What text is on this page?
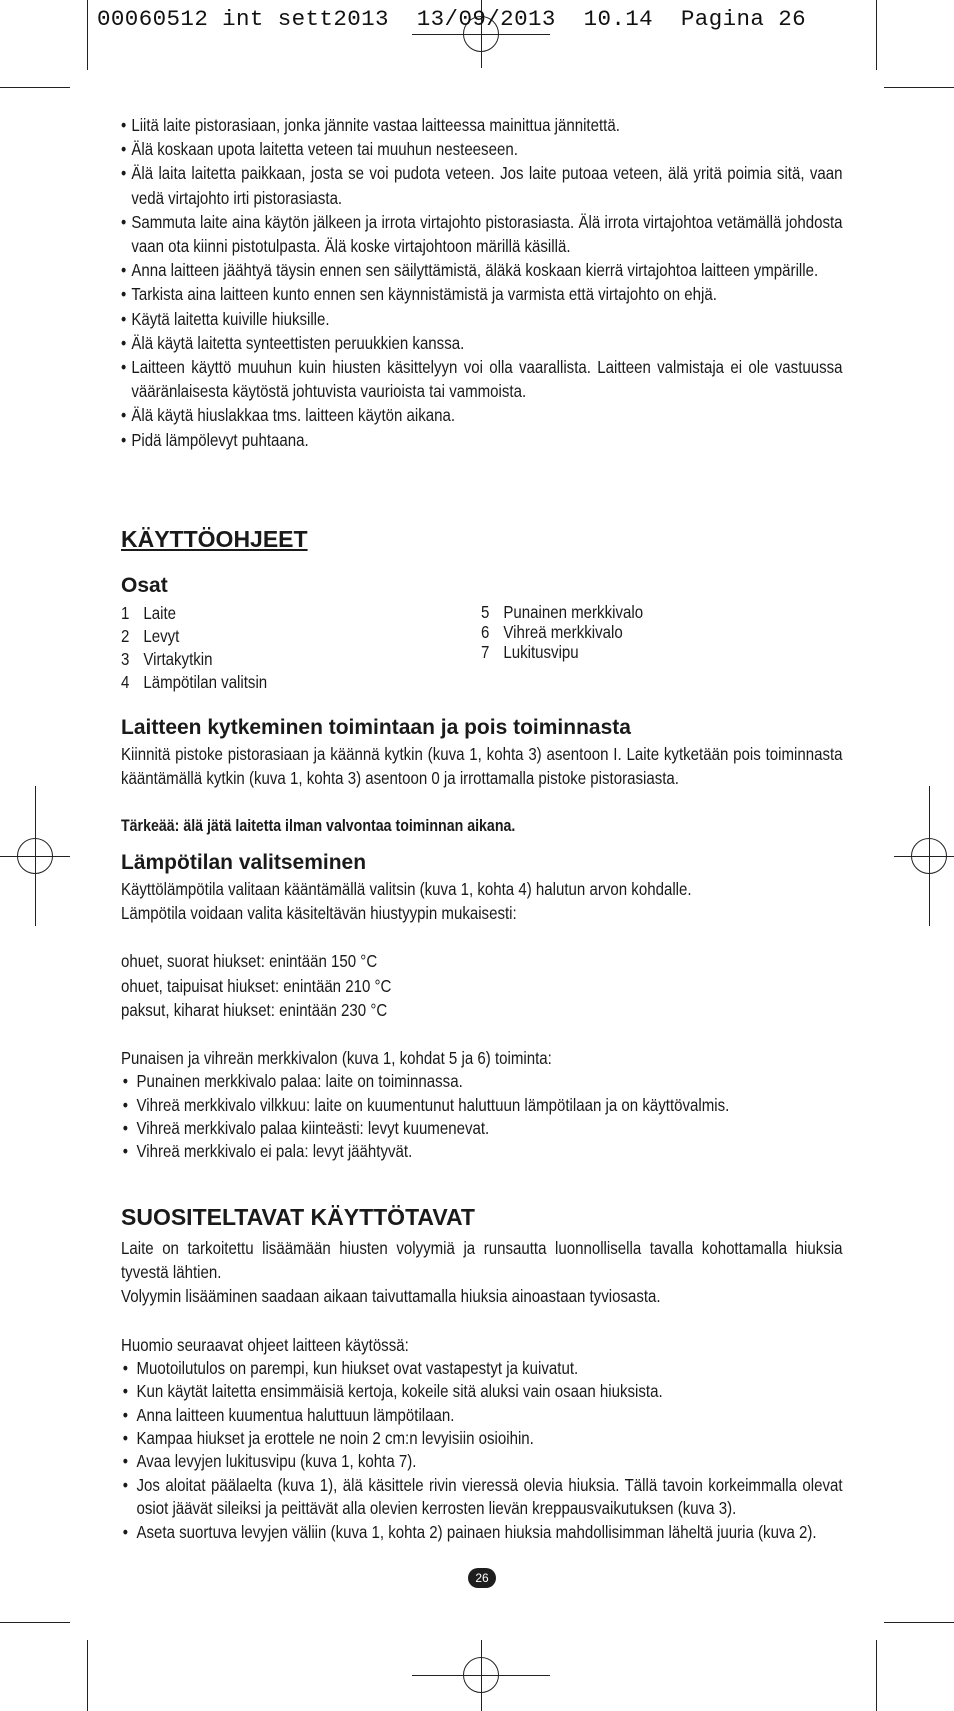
00060512 int sett2013  13/09/2013  10.14  Pagina 26
• Liitä laite pistorasiaan, jonka jännite vastaa laitteessa mainittua jännitettä.
• Älä koskaan upota laitetta veteen tai muuhun nesteeseen.
• Älä laita laitetta paikkaan, josta se voi pudota veteen. Jos laite putoaa veteen, älä yritä poimia sitä, vaan vedä virtajohto irti pistorasiasta.
• Sammuta laite aina käytön jälkeen ja irrota virtajohto pistorasiasta. Älä irrota virtajohtoa vetämällä johdosta vaan ota kiinni pistotulpasta. Älä koske virtajohtoon märillä käsillä.
• Anna laitteen jäähtyä täysin ennen sen säilyttämistä, äläkä koskaan kierrä virtajohtoa laitteen ympärille.
• Tarkista aina laitteen kunto ennen sen käynnistämistä ja varmista että virtajohto on ehjä.
• Käytä laitetta kuiville hiuksille.
• Älä käytä laitetta synteettisten peruukkien kanssa.
• Laitteen käyttö muuhun kuin hiusten käsittelyyn voi olla vaarallista. Laitteen valmistaja ei ole vastuussa vääränlaisesta käytöstä johtuvista vaurioista tai vammoista.
• Älä käytä hiuslakkaa tms. laitteen käytön aikana.
• Pidä lämpölevyt puhtaana.
KÄYTTÖOHJEET
Osat
1 Laite
2 Levyt
3 Virtakytkin
4 Lämpötilan valitsin
5 Punainen merkkivalo
6 Vihreä merkkivalo
7 Lukitusvipu
Laitteen kytkeminen toimintaan ja pois toiminnasta

Kiinnitä pistoke pistorasiaan ja käännä kytkin (kuva 1, kohta 3) asentoon I. Laite kytketään pois toiminnasta kääntämällä kytkin (kuva 1, kohta 3) asentoon 0 ja irrottamalla pistoke pistorasiasta.

Tärkeää: älä jätä laitetta ilman valvontaa toiminnan aikana.

Lämpötilan valitseminen

Käyttölämpötila valitaan kääntämällä valitsin (kuva 1, kohta 4) halutun arvon kohdalle.

Lämpötila voidaan valita käsiteltävän hiustyypin mukaisesti:

ohuet, suorat hiukset: enintään 150 °C

ohuet, taipuisat hiukset: enintään 210 °C

paksut, kiharat hiukset: enintään 230 °C

Punaisen ja vihreän merkkivalon (kuva 1, kohdat 5 ja 6) toiminta:

• Punainen merkkivalo palaa: laite on toiminnassa.
• Vihreä merkkivalo vilkkuu: laite on kuumentunut haluttuun lämpötilaan ja on käyttövalmis.
• Vihreä merkkivalo palaa kiinteästi: levyt kuumenevat.
• Vihreä merkkivalo ei pala: levyt jäähtyvät.
SUOSITELTAVAT KÄYTTÖTAVAT

Laite on tarkoitettu lisäämään hiusten volyymiä ja runsautta luonnollisella tavalla kohottamalla hiuksia tyvestä lähtien.

Volyymin lisääminen saadaan aikaan taivuttamalla hiuksia ainoastaan tyviosasta.

Huomio seuraavat ohjeet laitteen käytössä:

• Muotoilutulos on parempi, kun hiukset ovat vastapestyt ja kuivatut.
• Kun käytät laitetta ensimmäisiä kertoja, kokeile sitä aluksi vain osaan hiuksista.
• Anna laitteen kuumentua haluttuun lämpötilaan.
• Kampaa hiukset ja erottele ne noin 2 cm:n levyisiin osioihin.
• Avaa levyjen lukitusvipu (kuva 1, kohta 7).
• Jos aloitat päälaelta (kuva 1), älä käsittele rivin vieressä olevia hiuksia. Tällä tavoin korkeimmalla olevat osiot jäävät sileiksi ja peittävät alla olevien kerrosten lievän kreppausvaikutuksen (kuva 3).
• Aseta suortuva levyjen väliin (kuva 1, kohta 2) painaen hiuksia mahdollisimman läheltä juuria (kuva 2).
26
